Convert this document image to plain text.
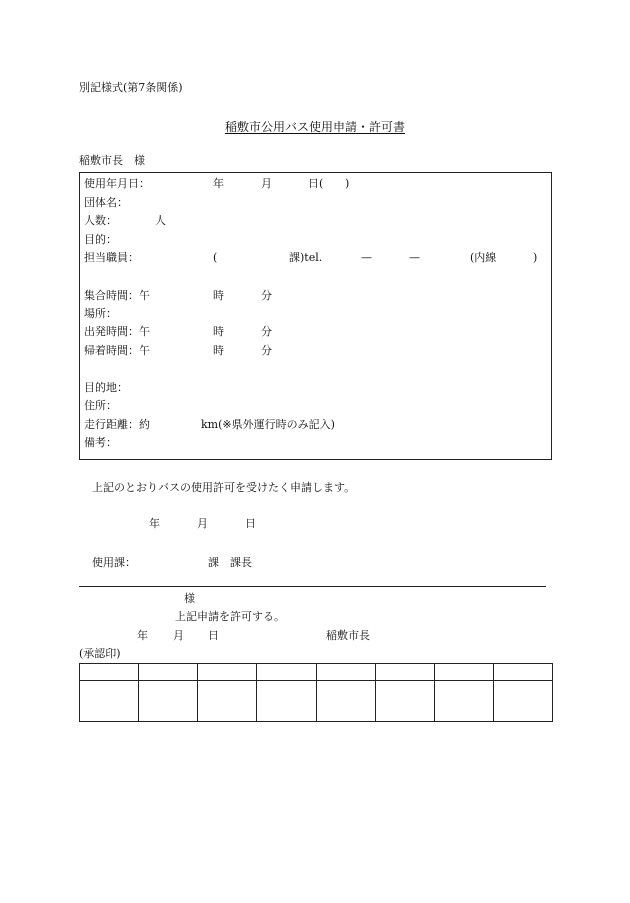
別記様式(第7条関係)
稲敷市公用バス使用申請・許可書
稲敷市長　様
使用年月日：	年	月	日( )
団体名：
人数：	人
目的：
担当職員：	(	課)tel.	—	—	(内線	)
集合時間：午	時	分
場所：
出発時間：午	時	分
帰着時間：午	時	分
目的地：
住所：
走行距離：約	km(※県外運行時のみ記入)
備考：
上記のとおりバスの使用許可を受けたく申請します。
年	月	日
使用課：	課　課長
様
上記申請を許可する。
年 月 日	稲敷市長
(承認印)
